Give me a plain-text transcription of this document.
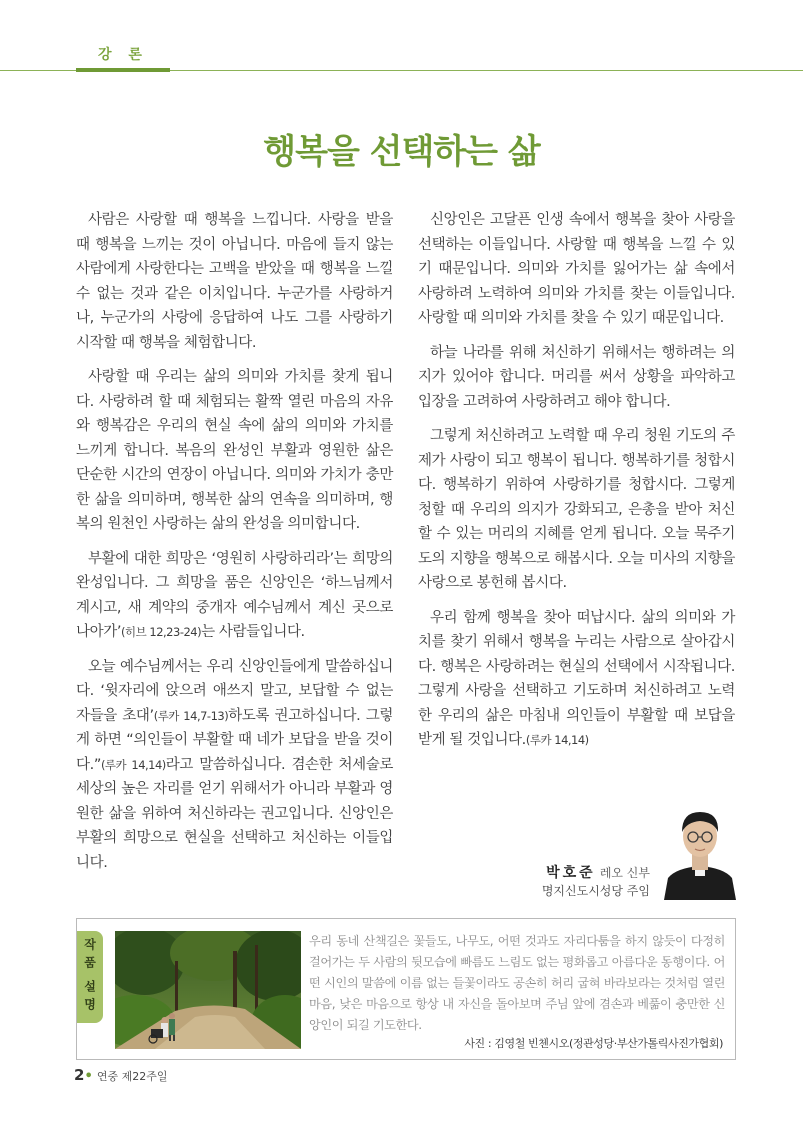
강 론
행복을 선택하는 삶

사람은 사랑할 때 행복을 느낍니다. 사랑을 받을 때 행복을 느끼는 것이 아닙니다. 마음에 들지 않는 사람에게 사랑한다는 고백을 받았을 때 행복을 느낄 수 없는 것과 같은 이치입니다. 누군가를 사랑하거나, 누군가의 사랑에 응답하여 나도 그를 사랑하기 시작할 때 행복을 체험합니다.

사랑할 때 우리는 삶의 의미와 가치를 찾게 됩니다. 사랑하려 할 때 체험되는 활짝 열린 마음의 자유와 행복감은 우리의 현실 속에 삶의 의미와 가치를 느끼게 합니다. 복음의 완성인 부활과 영원한 삶은 단순한 시간의 연장이 아닙니다. 의미와 가치가 충만한 삶을 의미하며, 행복한 삶의 연속을 의미하며, 행복의 원천인 사랑하는 삶의 완성을 의미합니다.

부활에 대한 희망은 ‘영원히 사랑하리라’는 희망의 완성입니다. 그 희망을 품은 신앙인은 ‘하느님께서 계시고, 새 계약의 중개자 예수님께서 계신 곳으로 나아가’(히브 12,23-24)는 사람들입니다.

오늘 예수님께서는 우리 신앙인들에게 말씀하십니다. ‘윗자리에 앉으려 애쓰지 말고, 보답할 수 없는 자들을 초대’(루카 14,7-13)하도록 권고하십니다. 그렇게 하면 “의인들이 부활할 때 네가 보답을 받을 것이다.”(루카 14,14)라고 말씀하십니다. 겸손한 처세술로 세상의 높은 자리를 얻기 위해서가 아니라 부활과 영원한 삶을 위하여 처신하라는 권고입니다. 신앙인은 부활의 희망으로 현실을 선택하고 처신하는 이들입니다.

신앙인은 고달픈 인생 속에서 행복을 찾아 사랑을 선택하는 이들입니다. 사랑할 때 행복을 느낄 수 있기 때문입니다. 의미와 가치를 잃어가는 삶 속에서 사랑하려 노력하여 의미와 가치를 찾는 이들입니다. 사랑할 때 의미와 가치를 찾을 수 있기 때문입니다.

하늘 나라를 위해 처신하기 위해서는 행하려는 의지가 있어야 합니다. 머리를 써서 상황을 파악하고 입장을 고려하여 사랑하려고 해야 합니다.

그렇게 처신하려고 노력할 때 우리 청원 기도의 주제가 사랑이 되고 행복이 됩니다. 행복하기를 청합시다. 행복하기 위하여 사랑하기를 청합시다. 그렇게 청할 때 우리의 의지가 강화되고, 은총을 받아 처신할 수 있는 머리의 지혜를 얻게 됩니다. 오늘 묵주기도의 지향을 행복으로 해봅시다. 오늘 미사의 지향을 사랑으로 봉헌해 봅시다.

우리 함께 행복을 찾아 떠납시다. 삶의 의미와 가치를 찾기 위해서 행복을 누리는 사람으로 살아갑시다. 행복은 사랑하려는 현실의 선택에서 시작됩니다. 그렇게 사랑을 선택하고 기도하며 처신하려고 노력한 우리의 삶은 마침내 의인들이 부활할 때 보답을 받게 될 것입니다.(루카 14,14)

박호준 레오 신부
명지신도시성당 주임
작품
설명

우리 동네 산책길은 꽃들도, 나무도, 어떤 것과도 자리다툼을 하지 않듯이 다정히 걸어가는 두 사람의 뒷모습에 빠름도 느림도 없는 평화롭고 아름다운 동행이다. 어떤 시인의 말씀에 이름 없는 들꽃이라도 공손히 허리 굽혀 바라보라는 것처럼 열린 마음, 낮은 마음으로 항상 내 자신을 돌아보며 주님 앞에 겸손과 베풂이 충만한 신앙인이 되길 기도한다.

사진 : 김영철 빈첸시오(정관성당·부산가톨릭사진가협회)
2• 연중 제22주일
